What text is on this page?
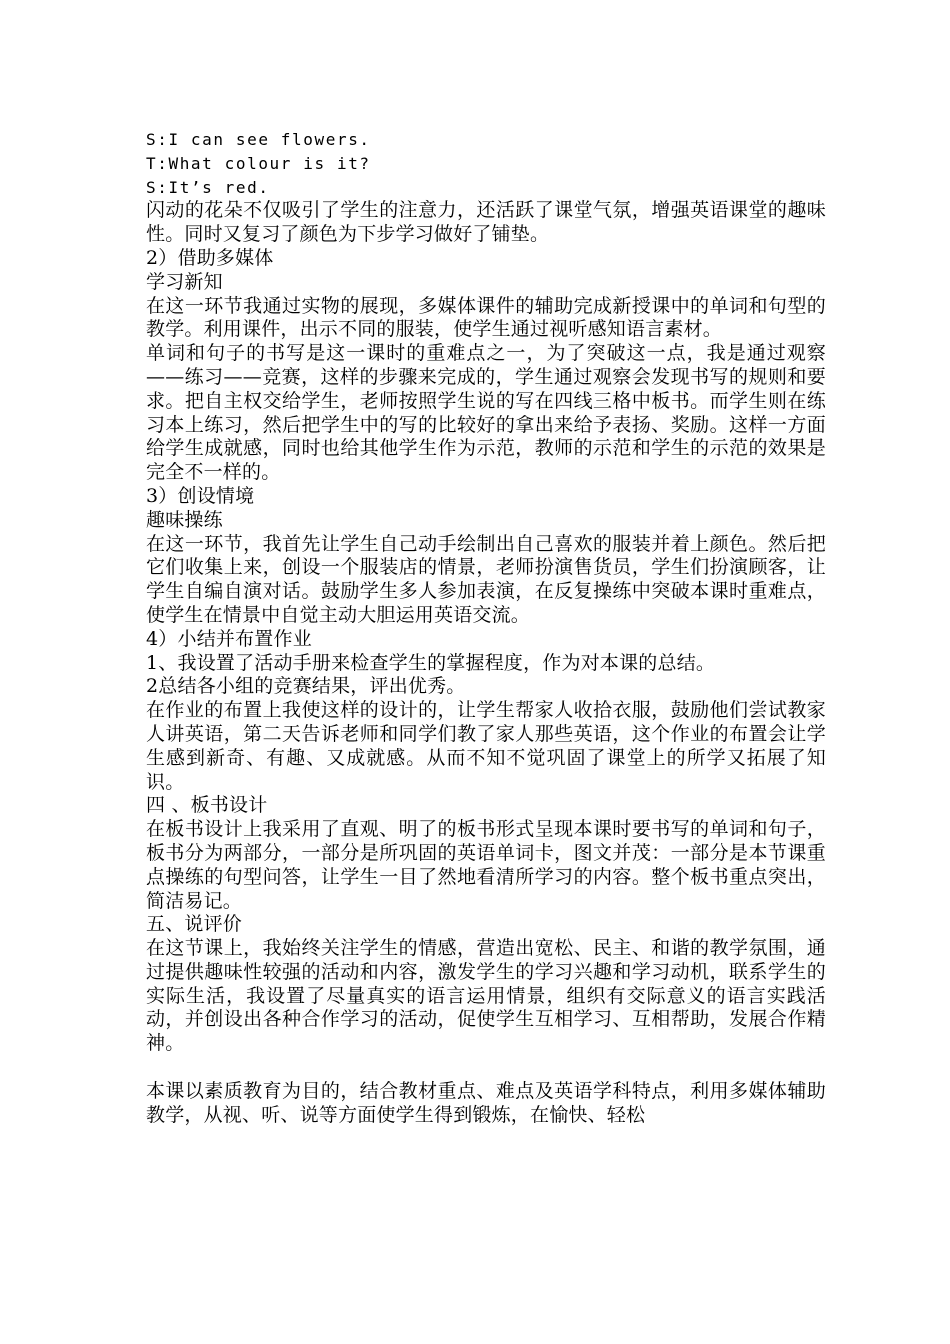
S:I can see flowers.
T:What colour is it?
S:It’s red.

闪动的花朵不仅吸引了学生的注意力，还活跃了课堂气氛，增强英语课堂的趣味性。同时又复习了颜色为下步学习做好了铺垫。

2）借助多媒体

学习新知

在这一环节我通过实物的展现，多媒体课件的辅助完成新授课中的单词和句型的教学。利用课件，出示不同的服装，使学生通过视听感知语言素材。

单词和句子的书写是这一课时的重难点之一，为了突破这一点，我是通过观察——练习——竞赛，这样的步骤来完成的，学生通过观察会发现书写的规则和要求。把自主权交给学生，老师按照学生说的写在四线三格中板书。而学生则在练习本上练习，然后把学生中的写的比较好的拿出来给予表扬、奖励。这样一方面给学生成就感，同时也给其他学生作为示范，教师的示范和学生的示范的效果是完全不一样的。

3）创设情境

趣味操练

在这一环节，我首先让学生自己动手绘制出自己喜欢的服装并着上颜色。然后把它们收集上来，创设一个服装店的情景，老师扮演售货员，学生们扮演顾客，让学生自编自演对话。鼓励学生多人参加表演，在反复操练中突破本课时重难点，使学生在情景中自觉主动大胆运用英语交流。

4）小结并布置作业

1、我设置了活动手册来检查学生的掌握程度，作为对本课的总结。

2总结各小组的竞赛结果，评出优秀。

在作业的布置上我使这样的设计的，让学生帮家人收拾衣服，鼓励他们尝试教家人讲英语，第二天告诉老师和同学们教了家人那些英语，这个作业的布置会让学生感到新奇、有趣、又成就感。从而不知不觉巩固了课堂上的所学又拓展了知识。

四 、板书设计

在板书设计上我采用了直观、明了的板书形式呈现本课时要书写的单词和句子，板书分为两部分，一部分是所巩固的英语单词卡，图文并茂：一部分是本节课重点操练的句型问答，让学生一目了然地看清所学习的内容。整个板书重点突出，简洁易记。

五、说评价

在这节课上，我始终关注学生的情感，营造出宽松、民主、和谐的教学氛围，通过提供趣味性较强的活动和内容，激发学生的学习兴趣和学习动机，联系学生的实际生活，我设置了尽量真实的语言运用情景，组织有交际意义的语言实践活动，并创设出各种合作学习的活动，促使学生互相学习、互相帮助，发展合作精神。

本课以素质教育为目的，结合教材重点、难点及英语学科特点，利用多媒体辅助教学，从视、听、说等方面使学生得到锻炼，在愉快、轻松
